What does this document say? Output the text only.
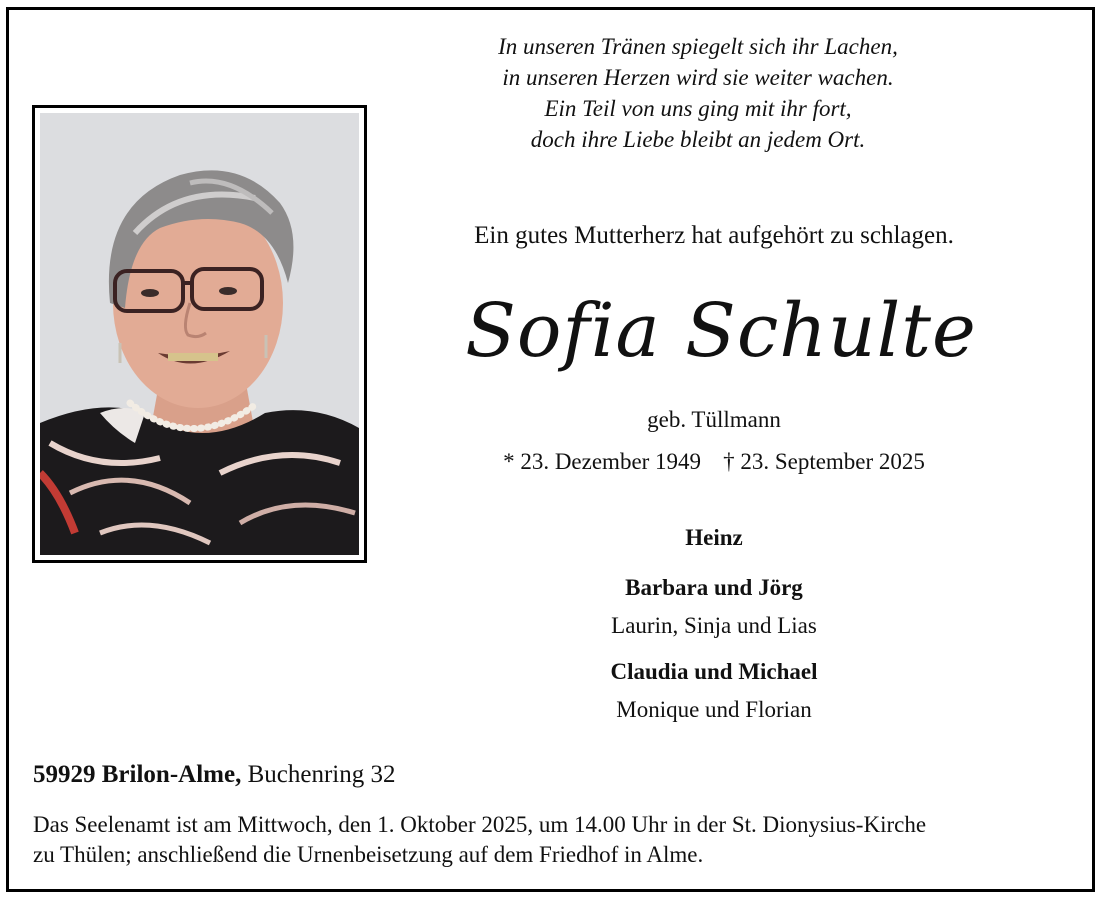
In unseren Tränen spiegelt sich ihr Lachen,
in unseren Herzen wird sie weiter wachen.
Ein Teil von uns ging mit ihr fort,
doch ihre Liebe bleibt an jedem Ort.
Ein gutes Mutterherz hat aufgehört zu schlagen.
Sofia Schulte
geb. Tüllmann
* 23. Dezember 1949 † 23. September 2025
Heinz
Barbara und Jörg
Laurin, Sinja und Lias
Claudia und Michael
Monique und Florian
59929 Brilon-Alme, Buchenring 32
Das Seelenamt ist am Mittwoch, den 1. Oktober 2025, um 14.00 Uhr in der St. Dionysius-Kirche
zu Thülen; anschließend die Urnenbeisetzung auf dem Friedhof in Alme.
